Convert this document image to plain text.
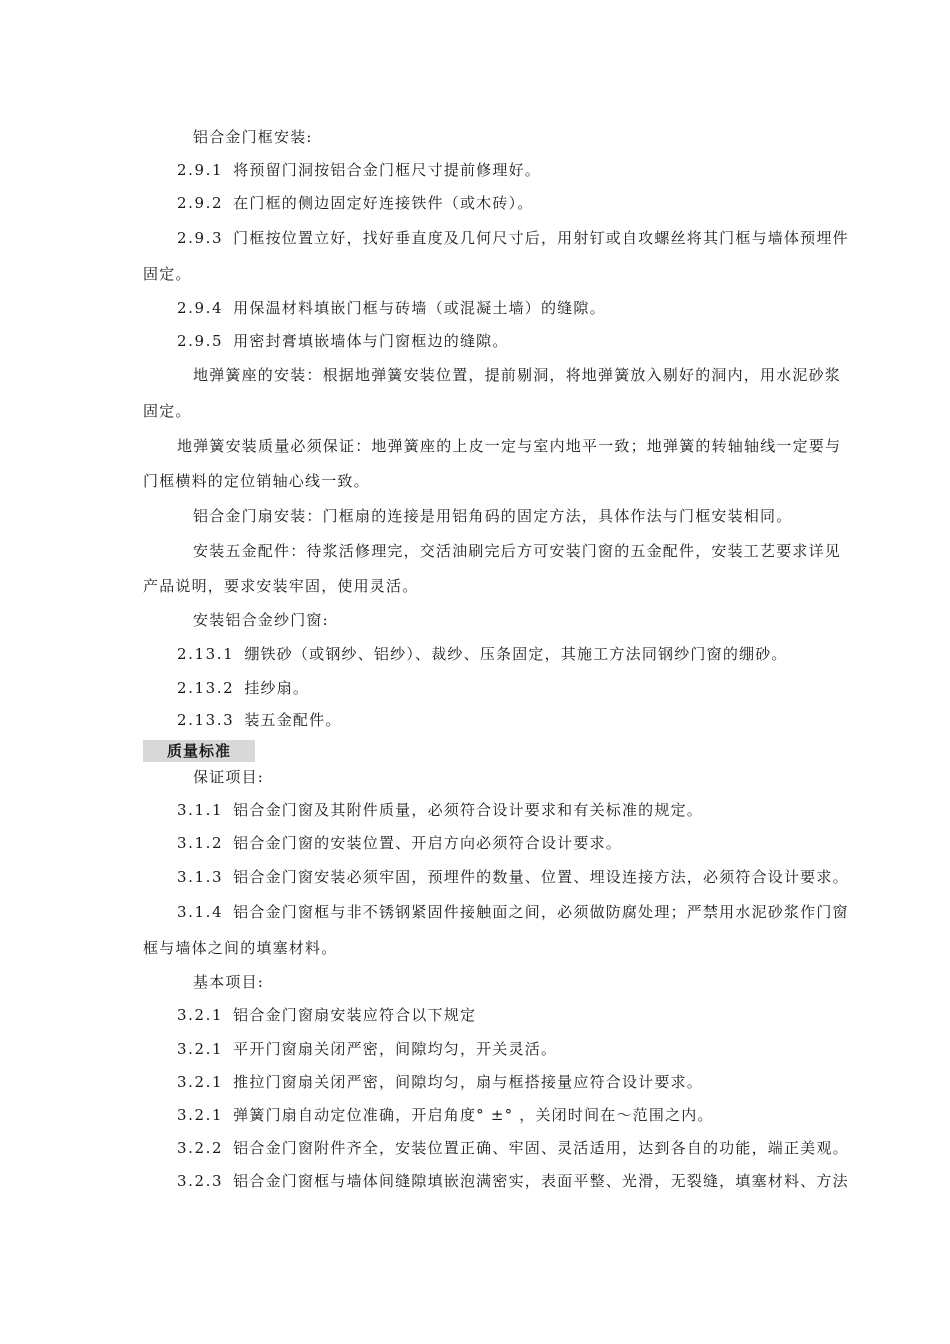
铝合金门框安装:
2.9.1 将预留门洞按铝合金门框尺寸提前修理好。
2.9.2 在门框的侧边固定好连接铁件（或木砖）。
2.9.3 门框按位置立好，找好垂直度及几何尺寸后，用射钉或自攻螺丝将其门框与墙体预埋件
固定。
2.9.4 用保温材料填嵌门框与砖墙（或混凝土墙）的缝隙。
2.9.5 用密封膏填嵌墙体与门窗框边的缝隙。
地弹簧座的安装：根据地弹簧安装位置，提前剔洞，将地弹簧放入剔好的洞内，用水泥砂浆
固定。
地弹簧安装质量必须保证：地弹簧座的上皮一定与室内地平一致；地弹簧的转轴轴线一定要与
门框横料的定位销轴心线一致。
铝合金门扇安装：门框扇的连接是用铝角码的固定方法，具体作法与门框安装相同。
安装五金配件：待浆活修理完，交活油刷完后方可安装门窗的五金配件，安装工艺要求详见
产品说明，要求安装牢固，使用灵活。
安装铝合金纱门窗:
2.13.1 绷铁砂（或钢纱、铝纱）、裁纱、压条固定，其施工方法同钢纱门窗的绷砂。
2.13.2 挂纱扇。
2.13.3 装五金配件。
质量标准
保证项目:
3.1.1 铝合金门窗及其附件质量，必须符合设计要求和有关标准的规定。
3.1.2 铝合金门窗的安装位置、开启方向必须符合设计要求。
3.1.3 铝合金门窗安装必须牢固，预埋件的数量、位置、埋设连接方法，必须符合设计要求。
3.1.4 铝合金门窗框与非不锈钢紧固件接触面之间，必须做防腐处理；严禁用水泥砂浆作门窗
框与墙体之间的填塞材料。
基本项目:
3.2.1 铝合金门窗扇安装应符合以下规定
3.2.1 平开门窗扇关闭严密，间隙均匀，开关灵活。
3.2.1 推拉门窗扇关闭严密，间隙均匀，扇与框搭接量应符合设计要求。
3.2.1 弹簧门扇自动定位准确，开启角度° ±° ，关闭时间在～范围之内。
3.2.2 铝合金门窗附件齐全，安装位置正确、牢固、灵活适用，达到各自的功能，端正美观。
3.2.3 铝合金门窗框与墙体间缝隙填嵌泡满密实，表面平整、光滑，无裂缝，填塞材料、方法
